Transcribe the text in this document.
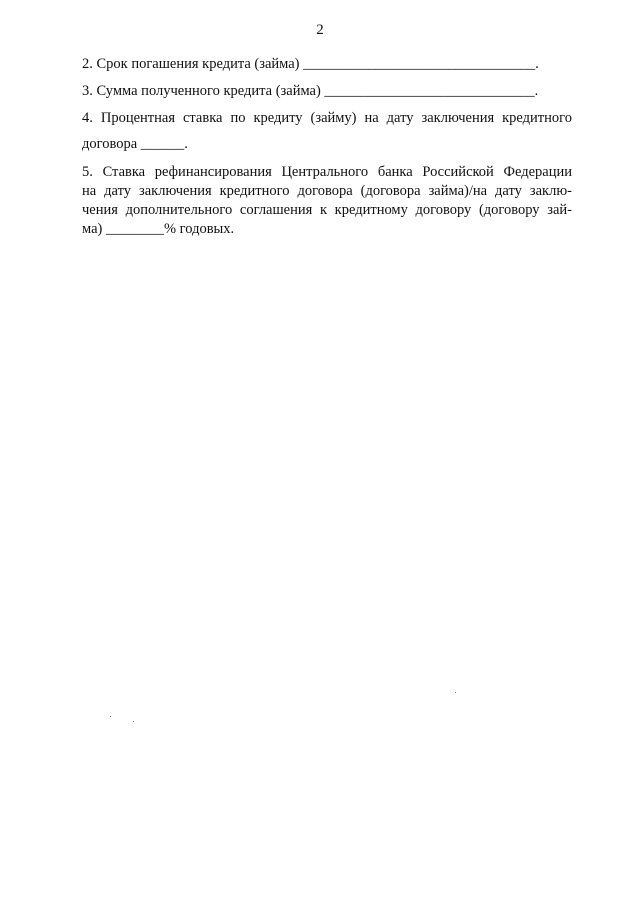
2

2. Срок погашения кредита (займа) ________________________________.

3. Сумма полученного кредита (займа) _____________________________.

4. Процентная ставка по кредиту (займу) на дату заключения кредитного
договора ______.
5. Ставка рефинансирования Центрального банка Российской Федерации
на дату заключения кредитного договора (договора займа)/на дату заклю-
чения дополнительного соглашения к кредитному договору (договору зай-
ма) ________% годовых.
